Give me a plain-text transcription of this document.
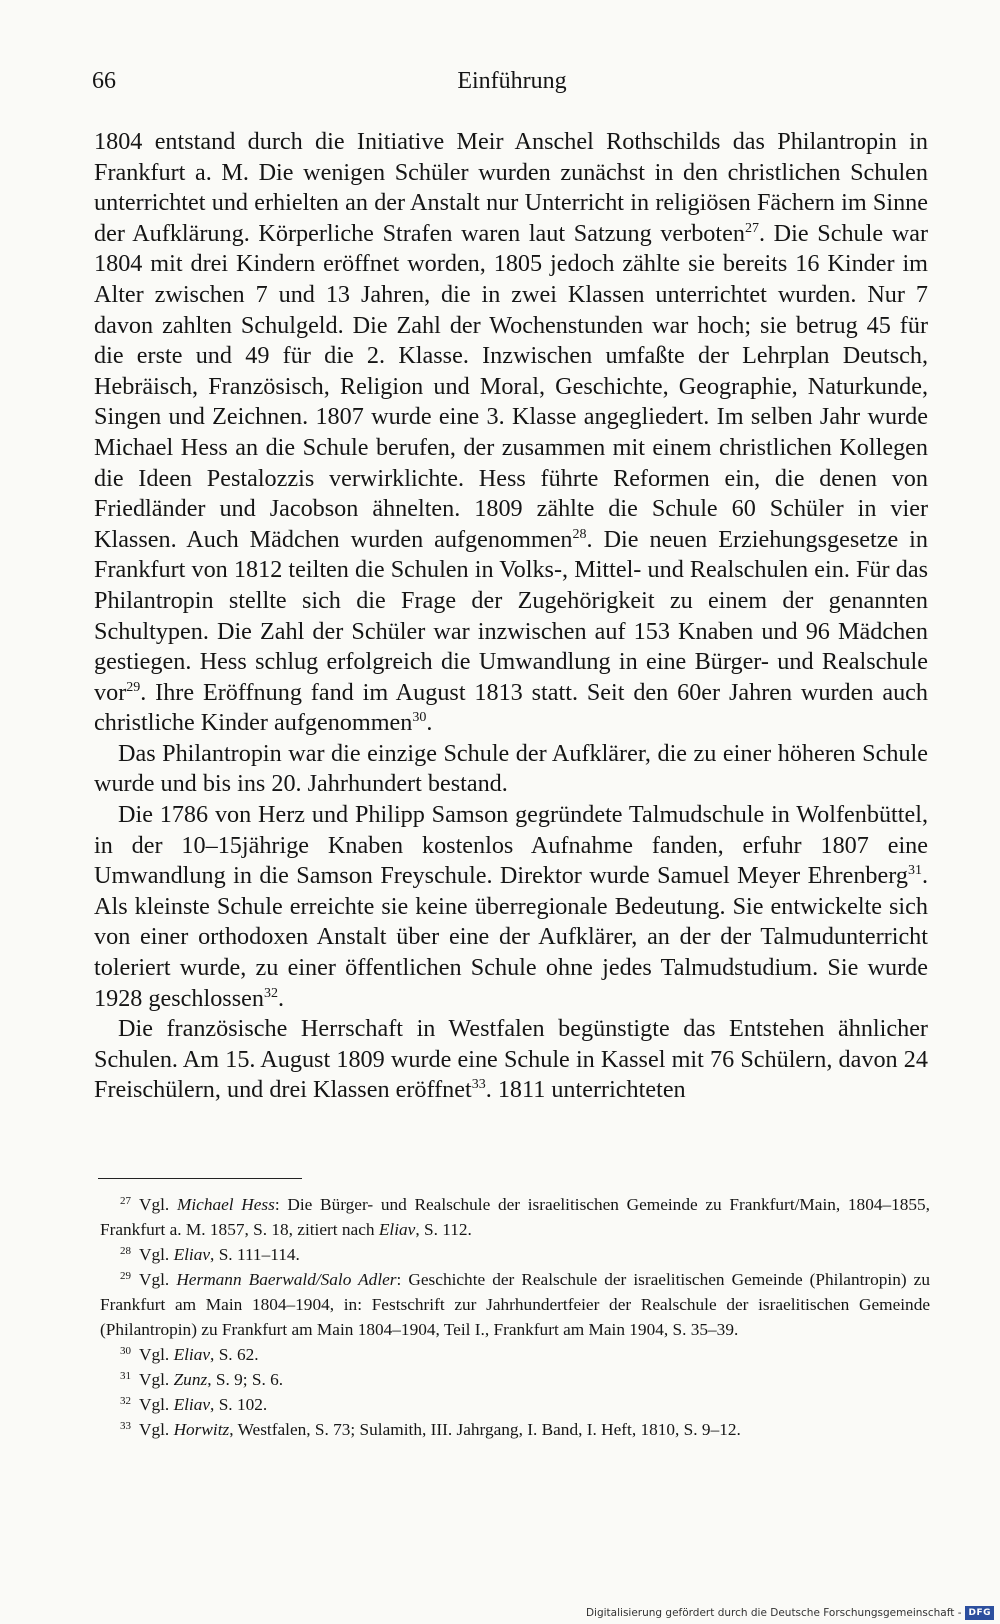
66	Einführung

1804 entstand durch die Initiative Meir Anschel Rothschilds das Philantropin in Frankfurt a. M. Die wenigen Schüler wurden zunächst in den christlichen Schulen unterrichtet und erhielten an der Anstalt nur Unterricht in religiösen Fächern im Sinne der Aufklärung. Körperliche Strafen waren laut Satzung verboten$^{27}$. Die Schule war 1804 mit drei Kindern eröffnet worden, 1805 jedoch zählte sie bereits 16 Kinder im Alter zwischen 7 und 13 Jahren, die in zwei Klassen unterrichtet wurden. Nur 7 davon zahlten Schulgeld. Die Zahl der Wochenstunden war hoch; sie betrug 45 für die erste und 49 für die 2. Klasse. Inzwischen umfaßte der Lehrplan Deutsch, Hebräisch, Französisch, Religion und Moral, Geschichte, Geographie, Naturkunde, Singen und Zeichnen. 1807 wurde eine 3. Klasse angegliedert. Im selben Jahr wurde Michael Hess an die Schule berufen, der zusammen mit einem christlichen Kollegen die Ideen Pestalozzis verwirklichte. Hess führte Reformen ein, die denen von Friedländer und Jacobson ähnelten. 1809 zählte die Schule 60 Schüler in vier Klassen. Auch Mädchen wurden aufgenommen$^{28}$. Die neuen Erziehungsgesetze in Frankfurt von 1812 teilten die Schulen in Volks-, Mittel- und Realschulen ein. Für das Philantropin stellte sich die Frage der Zugehörigkeit zu einem der genannten Schultypen. Die Zahl der Schüler war inzwischen auf 153 Knaben und 96 Mädchen gestiegen. Hess schlug erfolgreich die Umwandlung in eine Bürger- und Realschule vor$^{29}$. Ihre Eröffnung fand im August 1813 statt. Seit den 60er Jahren wurden auch christliche Kinder aufgenommen$^{30}$.

Das Philantropin war die einzige Schule der Aufklärer, die zu einer höheren Schule wurde und bis ins 20. Jahrhundert bestand.

Die 1786 von Herz und Philipp Samson gegründete Talmudschule in Wolfenbüttel, in der 10–15jährige Knaben kostenlos Aufnahme fanden, erfuhr 1807 eine Umwandlung in die Samson Freyschule. Direktor wurde Samuel Meyer Ehrenberg$^{31}$. Als kleinste Schule erreichte sie keine überregionale Bedeutung. Sie entwickelte sich von einer orthodoxen Anstalt über eine der Aufklärer, an der der Talmudunterricht toleriert wurde, zu einer öffentlichen Schule ohne jedes Talmudstudium. Sie wurde 1928 geschlossen$^{32}$.

Die französische Herrschaft in Westfalen begünstigte das Entstehen ähnlicher Schulen. Am 15. August 1809 wurde eine Schule in Kassel mit 76 Schülern, davon 24 Freischülern, und drei Klassen eröffnet$^{33}$. 1811 unterrichteten

$^{27}$ Vgl. Michael Hess: Die Bürger- und Realschule der israelitischen Gemeinde zu Frankfurt/Main, 1804–1855, Frankfurt a. M. 1857, S. 18, zitiert nach Eliav, S. 112.

$^{28}$ Vgl. Eliav, S. 111–114.

$^{29}$ Vgl. Hermann Baerwald/Salo Adler: Geschichte der Realschule der israelitischen Gemeinde (Philantropin) zu Frankfurt am Main 1804–1904, in: Festschrift zur Jahrhundertfeier der Realschule der israelitischen Gemeinde (Philantropin) zu Frankfurt am Main 1804–1904, Teil I., Frankfurt am Main 1904, S. 35–39.

$^{30}$ Vgl. Eliav, S. 62.

$^{31}$ Vgl. Zunz, S. 9; S. 6.

$^{32}$ Vgl. Eliav, S. 102.

$^{33}$ Vgl. Horwitz, Westfalen, S. 73; Sulamith, III. Jahrgang, I. Band, I. Heft, 1810, S. 9–12.

Digitalisierung gefördert durch die Deutsche Forschungsgemeinschaft - DFG
